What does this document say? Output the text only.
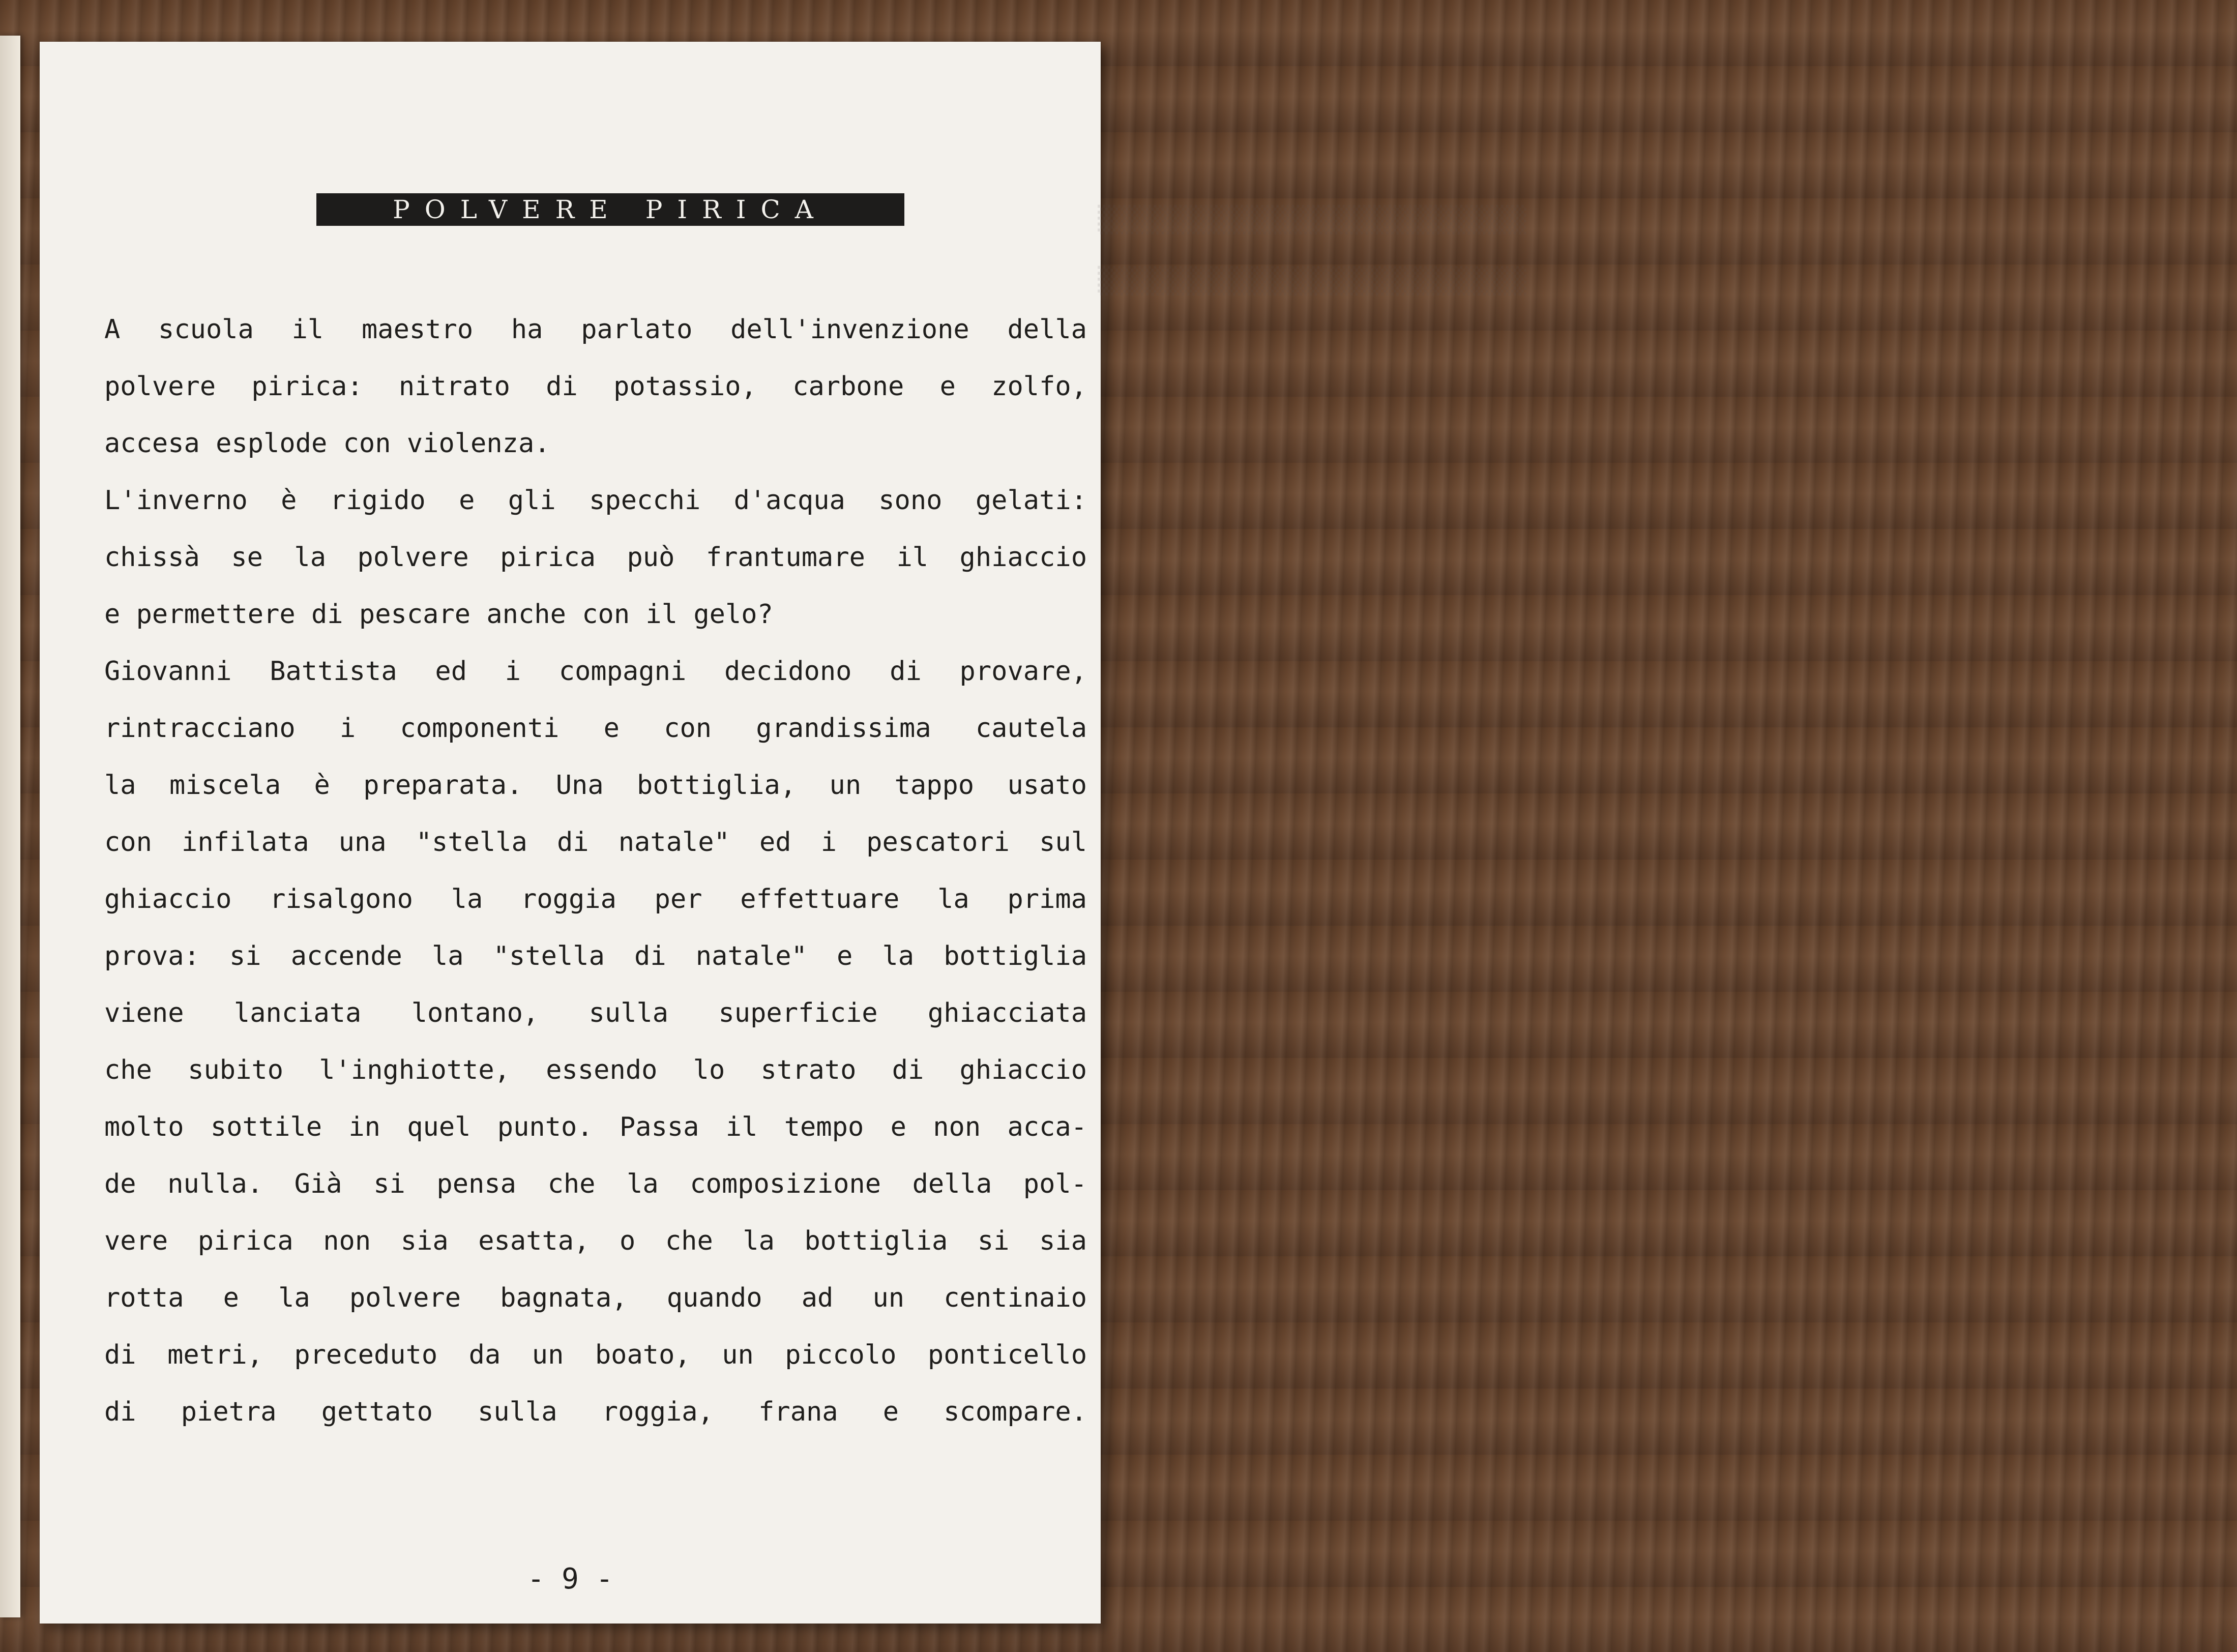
▒▒▒▒▒▒▒▒▒▒▒▒▒▒▒▒▒▒▒▒▒▒▒▒▒▒▒▒
▒▒▒▒▒▒▒▒▒▒▒▒▒▒▒▒▒▒▒▒▒▒▒▒▒▒▒▒
POLVERE PIRICA
A scuola il maestro ha parlato dell'invenzione della
polvere pirica: nitrato di potassio, carbone e zolfo,
accesa esplode con violenza.
L'inverno è rigido e gli specchi d'acqua sono gelati:
chissà se la polvere pirica può frantumare il ghiaccio
e permettere di pescare anche con il gelo?
Giovanni Battista ed i compagni decidono di provare,
rintracciano i componenti e con grandissima cautela
la miscela è preparata. Una bottiglia, un tappo usato
con infilata una "stella di natale" ed i pescatori sul
ghiaccio risalgono la roggia per effettuare la prima
prova: si accende la "stella di natale" e la bottiglia
viene lanciata lontano, sulla superficie ghiacciata
che subito l'inghiotte, essendo lo strato di ghiaccio
molto sottile in quel punto. Passa il tempo e non acca-
de nulla. Già si pensa che la composizione della pol-
vere pirica non sia esatta, o che la bottiglia si sia
rotta e la polvere bagnata, quando ad un centinaio
di metri, preceduto da un boato, un piccolo ponticello
di pietra gettato sulla roggia, frana e scompare.
- 9 -
